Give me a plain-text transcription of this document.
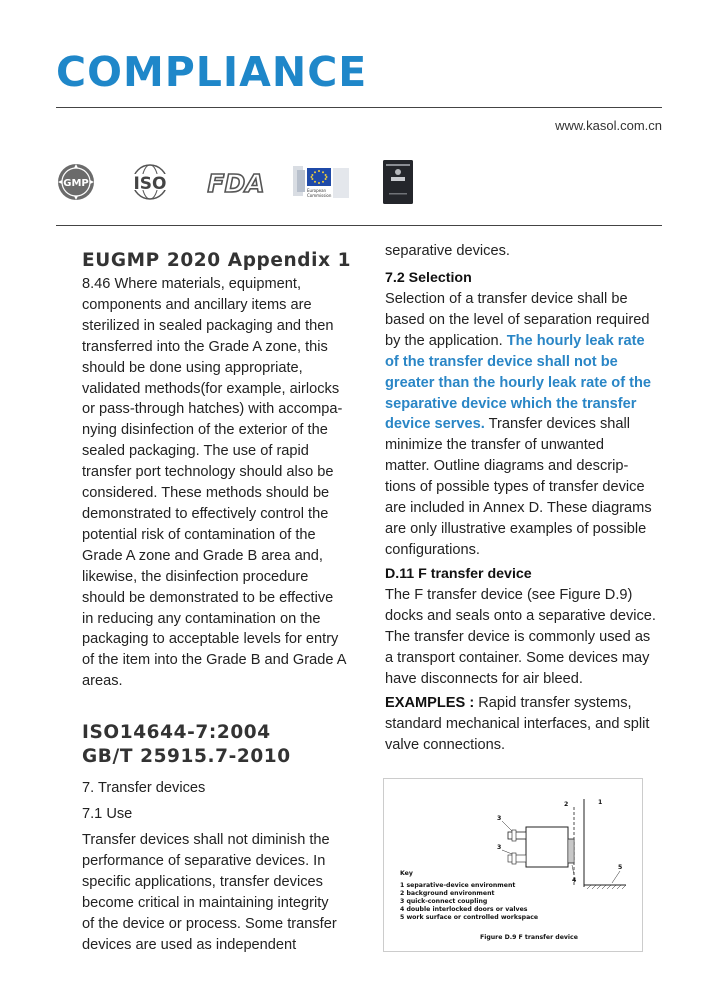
COMPLIANCE
www.kasol.com.cn
GMP	ISO FDA	European
Commission
EUGMP 2020 Appendix 1
8.46 Where materials, equipment,
components and ancillary items are
sterilized in sealed packaging and then
transferred into the Grade A zone, this
should be done using appropriate,
validated methods(for example, airlocks
or pass-through hatches) with accompa-
nying disinfection of the exterior of the
sealed packaging. The use of rapid
transfer port technology should also be
considered. These methods should be
demonstrated to effectively control the
potential risk of contamination of the
Grade A zone and Grade B area and,
likewise, the disinfection procedure
should be demonstrated to be effective
in reducing any contamination on the
packaging to acceptable levels for entry
of the item into the Grade B and Grade A
areas.
ISO14644-7:2004
GB/T 25915.7-2010
7. Transfer devices
7.1 Use
Transfer devices shall not diminish the
performance of separative devices. In
specific applications, transfer devices
become critical in maintaining integrity
of the device or process. Some transfer
devices are used as independent
separative devices.
7.2 Selection
Selection of a transfer device shall be
based on the level of separation required
by the application. The hourly leak rate
of the transfer device shall not be
greater than the hourly leak rate of the
separative device which the transfer
device serves. Transfer devices shall
minimize the transfer of unwanted
matter. Outline diagrams and descrip-
tions of possible types of transfer device
are included in Annex D. These diagrams
are only illustrative examples of possible
configurations.
D.11 F transfer device
The F transfer device (see Figure D.9)
docks and seals onto a separative device.
The transfer device is commonly used as
a transport container. Some devices may
have disconnects for air bleed.
EXAMPLES : Rapid transfer systems,
standard mechanical interfaces, and split
valve connections.
2	1
3
3
4
5
Key
1 separative-device environment
2 background environment
3 quick-connect coupling
4 double interlocked doors or valves
5 work surface or controlled workspace
Figure D.9 F transfer device
